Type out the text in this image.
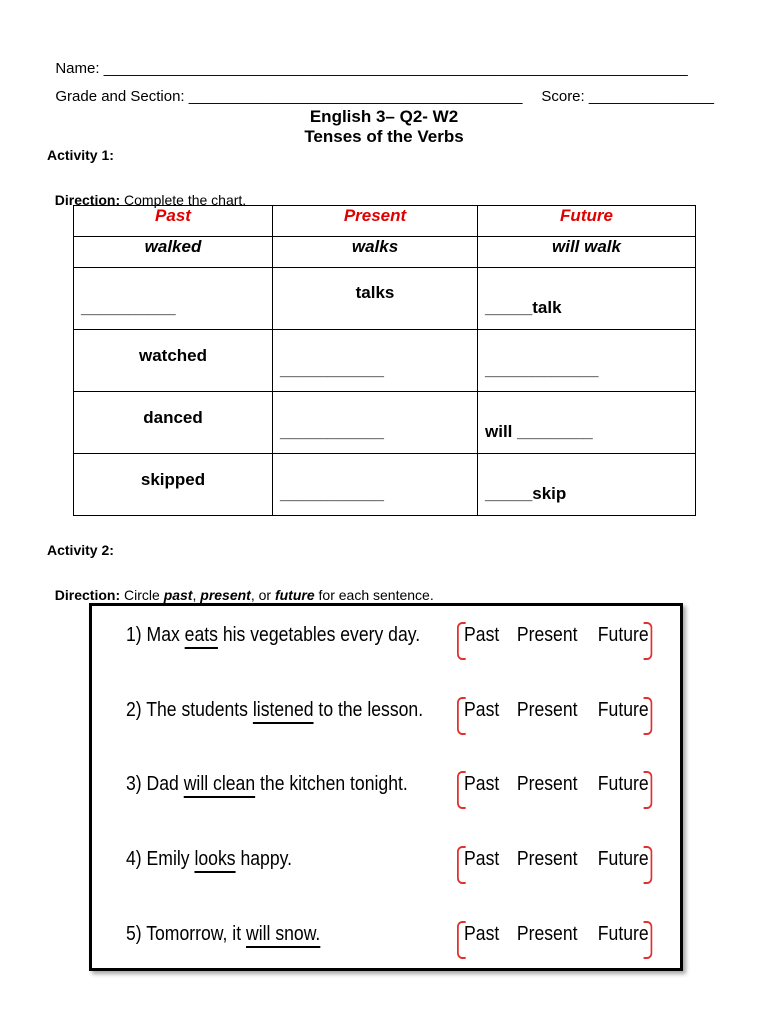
Name: ______________________________________________________________________

Grade and Section: ________________________________________	Score: _______________

English 3– Q2- W2
Tenses of the Verbs
Activity 1:

Direction: Complete the chart.

Past	Present	Future
walked	walks	will walk

__________	talks	_____talk

watched	___________	____________

danced	___________	will ________

skipped	___________	_____skip
Activity 2:

Direction: Circle past, present, or future for each sentence.

1) Max eats his vegetables every day. Past Present Future
2) The students listened to the lesson. Past Present Future
3) Dad will clean the kitchen tonight.	Past Present Future
4) Emily looks happy.	Past Present Future
5) Tomorrow, it will snow.	Past Present Future
